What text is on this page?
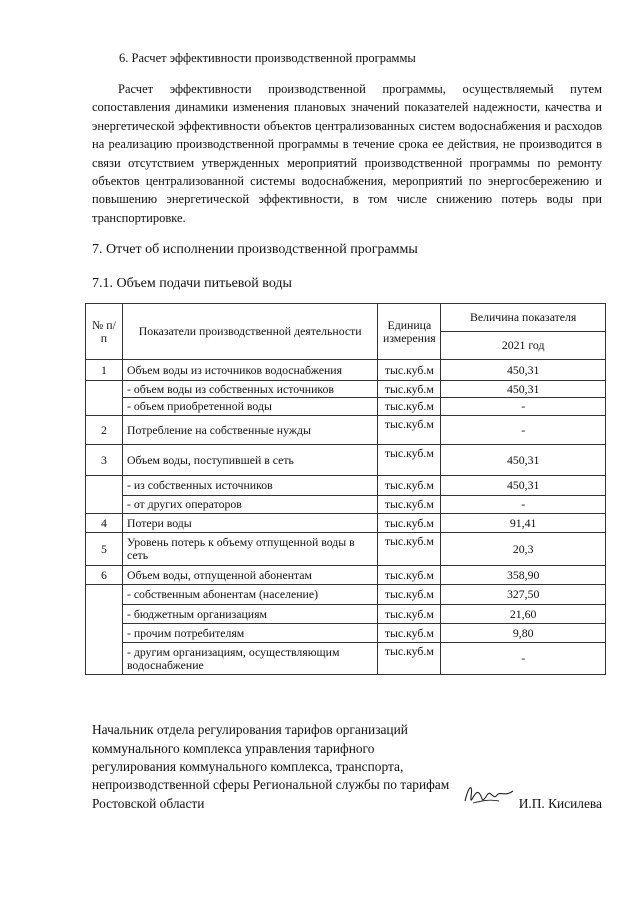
6. Расчет эффективности производственной программы
Расчет эффективности производственной программы, осуществляемый путем сопоставления динамики изменения плановых значений показателей надежности, качества и энергетической эффективности объектов централизованных систем водоснабжения и расходов на реализацию производственной программы в течение срока ее действия, не производится в связи отсутствием утвержденных мероприятий производственной программы по ремонту объектов централизованной системы водоснабжения, мероприятий по энергосбережению и повышению энергетической эффективности, в том числе снижению потерь воды при транспортировке.
7. Отчет об исполнении производственной программы
7.1. Объем подачи питьевой воды
№ п/п	Показатели производственной деятельности	Единица измерения	Величина показателя
			2021 год
1	Объем воды из источников водоснабжения	тыс.куб.м	450,31
	- объем воды из собственных источников	тыс.куб.м	450,31
	- объем приобретенной воды	тыс.куб.м	-
2	Потребление на собственные нужды	тыс.куб.м	-
3	Объем воды, поступившей в сеть	тыс.куб.м	450,31
	- из собственных источников	тыс.куб.м	450,31
	- от других операторов	тыс.куб.м	-
4	Потери воды	тыс.куб.м	91,41
5	Уровень потерь к объему отпущенной воды в сеть	тыс.куб.м	20,3
6	Объем воды, отпущенной абонентам	тыс.куб.м	358,90
	- собственным абонентам (население)	тыс.куб.м	327,50
	- бюджетным организациям	тыс.куб.м	21,60
	- прочим потребителям	тыс.куб.м	9,80
	- другим организациям, осуществляющим водоснабжение	тыс.куб.м	-
Начальник отдела регулирования тарифов организаций коммунального комплекса управления тарифного регулирования коммунального комплекса, транспорта, непроизводственной сферы Региональной службы по тарифам Ростовской области	И.П. Кисилева
